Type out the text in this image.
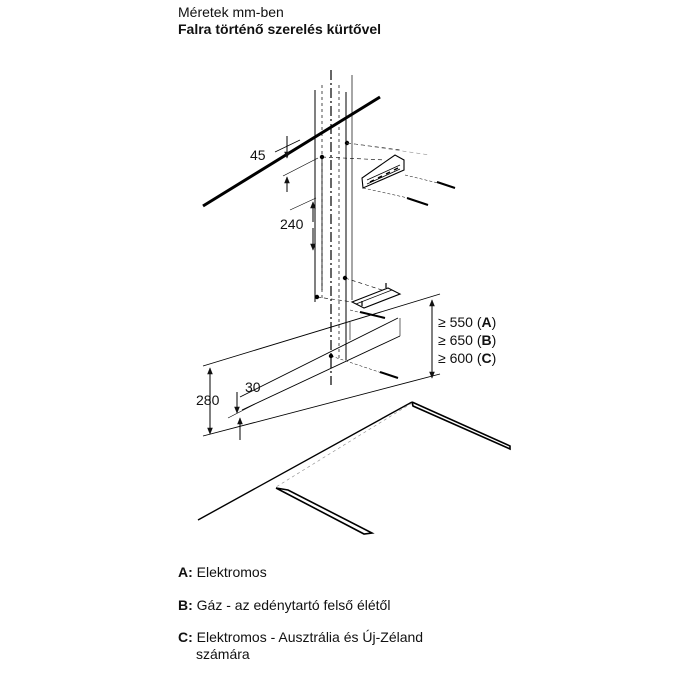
Méretek mm-ben
Falra történő szerelés kürtővel
45
240
280
30
≥ 550 (A)
≥ 650 (B)
≥ 600 (C)
A: Elektromos
B: Gáz - az edénytartó felső élétől
C: Elektromos - Ausztrália és Új-Zéland
számára
